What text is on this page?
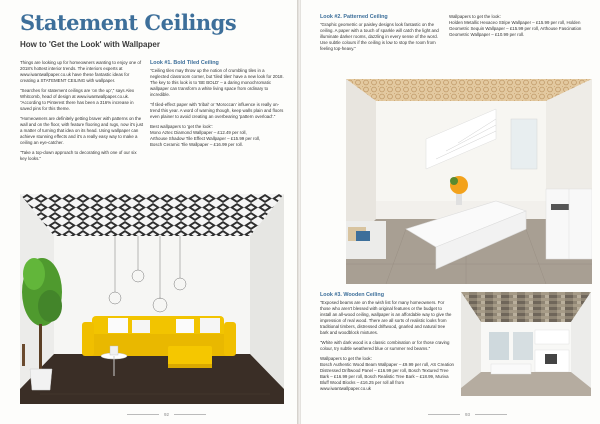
Statement Ceilings
How to 'Get the Look' with Wallpaper

Things are looking up for homeowners wanting to enjoy one of 2018's hottest interior trends. The interiors experts at www.iwantwallpaper.co.uk have these fantastic ideas for creating a STATEMENT CEILING with wallpaper.

"Searches for statement ceilings are 'on the up'," says Alex Whitcomb, head of design at www.iwantwallpaper.co.uk. "According to Pinterest there has been a 316% increase in saved pins for this theme.

"Homeowners are definitely getting braver with patterns on the wall and on the floor, with feature flooring and rugs, now it's just a matter of turning that idea on its head. Using wallpaper can achieve stunning effects and it's a really easy way to make a ceiling an eye-catcher.

"Take a top-down approach to decorating with one of our six key looks."

Look #1. Bold Tiled Ceiling

"Ceiling tiles may throw up the notion of crumbling tiles in a neglected classroom corner, but 'tiled tiles' have a new look for 2018. The key to this look is to 'BE BOLD' – a daring monochromatic wallpaper can transform a white living space from ordinary to incredible.

"If tiled-effect paper with 'tribal' or 'Moroccan' influence is really on-trend this year. A word of warning though, keep walls plain and floors even plainer to avoid creating an overbearing 'pattern overload'."

Best wallpapers to 'get the look':

Mono Aztec Diamond Wallpaper – £12.49 per roll,
Arthouse Shadow Tile Effect Wallpaper – £15.99 per roll,
Bosch Ceramic Tile Wallpaper – £16.99 per roll.
92
Look #2. Patterned Ceiling

"Graphic geometric or paisley designs look fantastic on the ceiling. A paper with a touch of sparkle will catch the light and illuminate darker rooms, dazzling in every sense of the word. Use subtle colours if the ceiling is low to stop the room from feeling top-heavy."

Wallpapers to get the look:

Holden Metallic Hexaceo Stripe Wallpaper – £15.99 per roll, Holden Geometric Sequin Wallpaper – £15.99 per roll, Arthouse Fascination Geometric Wallpaper – £10.99 per roll.
Look #3. Wooden Ceiling

"Exposed beams are on the wish list for many homeowners. For those who aren't blessed with original features or the budget to install an all-wood ceiling, wallpaper is an affordable way to give the impression of real wood. There are all sorts of realistic looks from traditional timbers, distressed driftwood, gnarled and natural tree bark and woodblock mixtures.

"White with dark wood is a classic combination or for those craving colour, try subtle weathered blue or summer red beams."

Wallpapers to get the look:

Bosch Authentic Wood Beam Wallpaper – £9.99 per roll, AS Creation Distressed Driftwood Panel – £16.99 per roll, Bosch Textured Tree Bark – £16.99 per roll, Bosch Realistic Tree Bark – £18.99, Muriva Bluff Wood Blocks – £16.25 per roll all from www.iwantwallpaper.co.uk
93
